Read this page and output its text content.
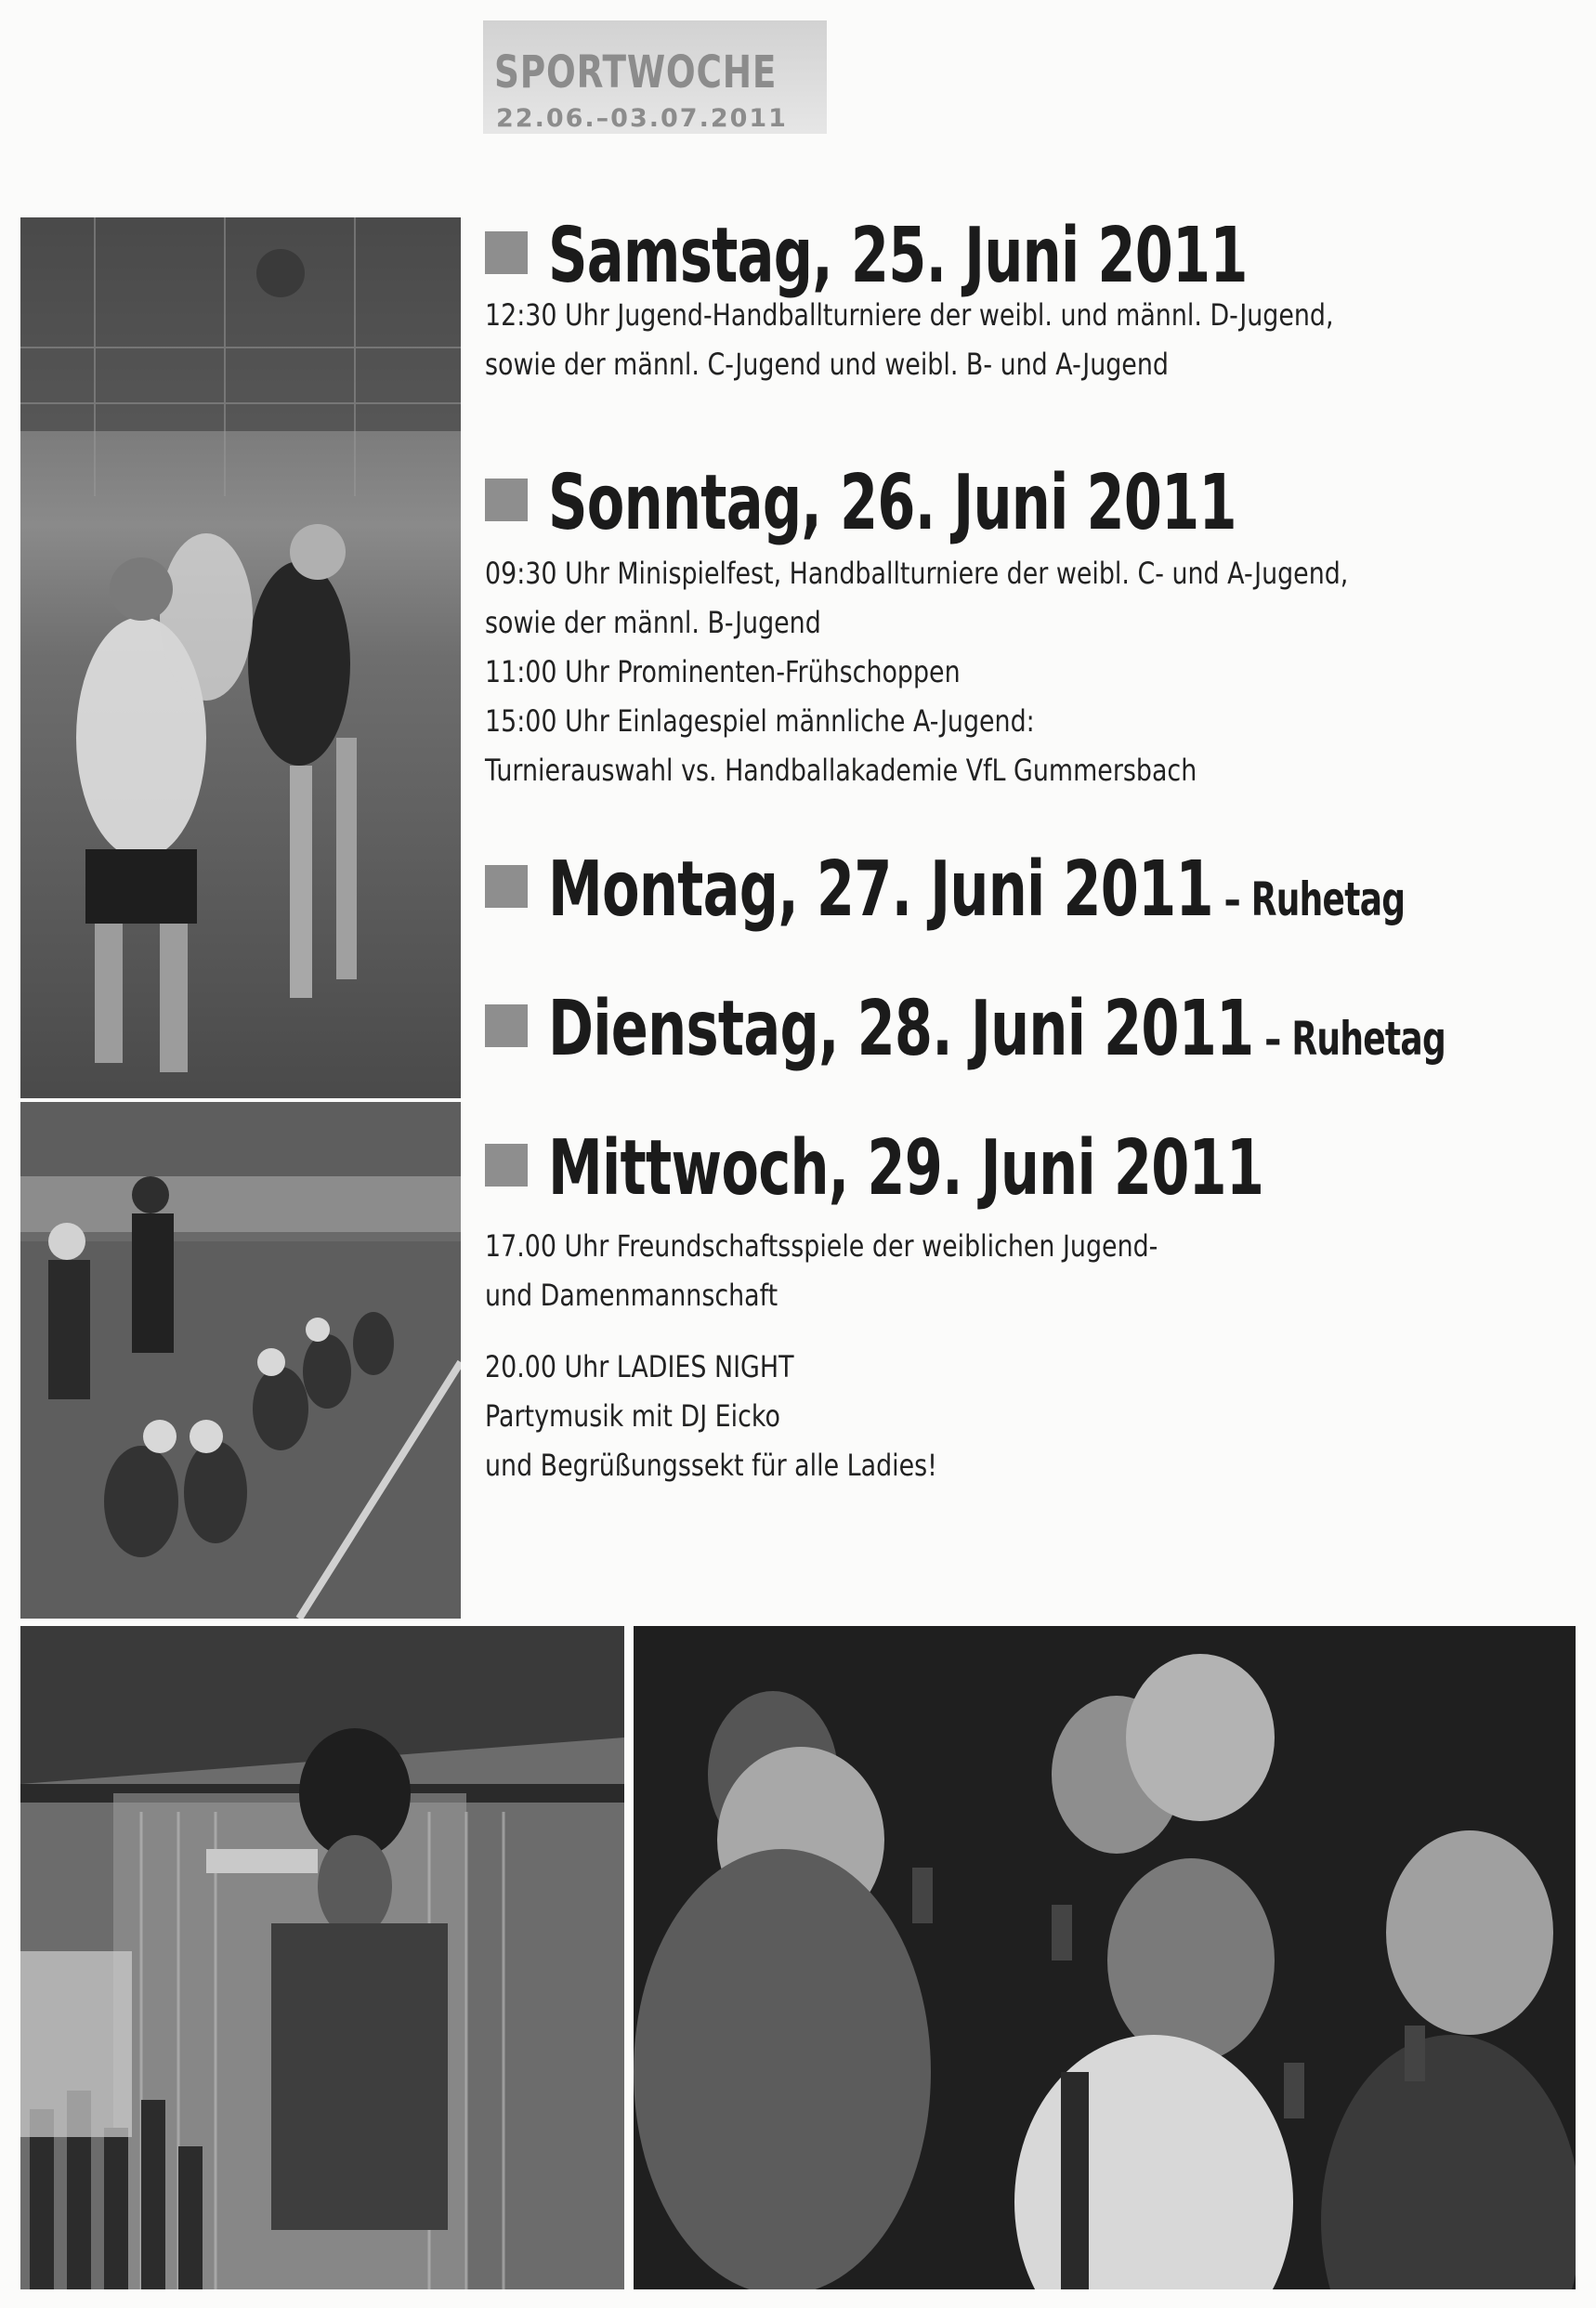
SPORTWOCHE
22.06.–03.07.2011
Samstag, 25. Juni 2011
12:30 Uhr Jugend-Handballturniere der weibl. und männl. D-Jugend,
sowie der männl. C-Jugend und weibl. B- und A-Jugend
Sonntag, 26. Juni 2011
09:30 Uhr Minispielfest, Handballturniere der weibl. C- und A-Jugend,
sowie der männl. B-Jugend
11:00 Uhr Prominenten-Frühschoppen
15:00 Uhr Einlagespiel männliche A-Jugend:
Turnierauswahl vs. Handballakademie VfL Gummersbach
Montag, 27. Juni 2011 – Ruhetag
Dienstag, 28. Juni 2011 – Ruhetag
Mittwoch, 29. Juni 2011
17.00 Uhr Freundschaftsspiele der weiblichen Jugend-
und Damenmannschaft
20.00 Uhr LADIES NIGHT
Partymusik mit DJ Eicko
und Begrüßungssekt für alle Ladies!
